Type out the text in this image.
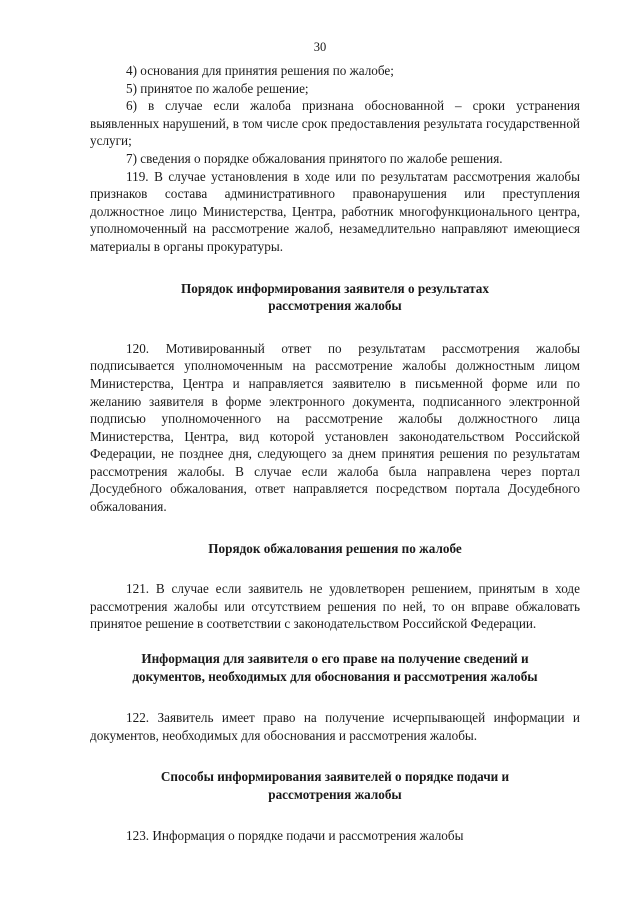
30

4) основания для принятия решения по жалобе;

5) принятое по жалобе решение;

6) в случае если жалоба признана обоснованной – сроки устранения выявленных нарушений, в том числе срок предоставления результата государственной услуги;

7) сведения о порядке обжалования принятого по жалобе решения.

119. В случае установления в ходе или по результатам рассмотрения жалобы признаков состава административного правонарушения или преступления должностное лицо Министерства, Центра, работник многофункционального центра, уполномоченный на рассмотрение жалоб, незамедлительно направляют имеющиеся материалы в органы прокуратуры.

Порядок информирования заявителя о результатах
рассмотрения жалобы

120. Мотивированный ответ по результатам рассмотрения жалобы подписывается уполномоченным на рассмотрение жалобы должностным лицом Министерства, Центра и направляется заявителю в письменной форме или по желанию заявителя в форме электронного документа, подписанного электронной подписью уполномоченного на рассмотрение жалобы должностного лица Министерства, Центра, вид которой установлен законодательством Российской Федерации, не позднее дня, следующего за днем принятия решения по результатам рассмотрения жалобы. В случае если жалоба была направлена через портал Досудебного обжалования, ответ направляется посредством портала Досудебного обжалования.

Порядок обжалования решения по жалобе

121. В случае если заявитель не удовлетворен решением, принятым в ходе рассмотрения жалобы или отсутствием решения по ней, то он вправе обжаловать принятое решение в соответствии с законодательством Российской Федерации.

Информация для заявителя о его праве на получение сведений и
документов, необходимых для обоснования и рассмотрения жалобы

122. Заявитель имеет право на получение исчерпывающей информации и документов, необходимых для обоснования и рассмотрения жалобы.

Способы информирования заявителей о порядке подачи и
рассмотрения жалобы

123. Информация о порядке подачи и рассмотрения жалобы
